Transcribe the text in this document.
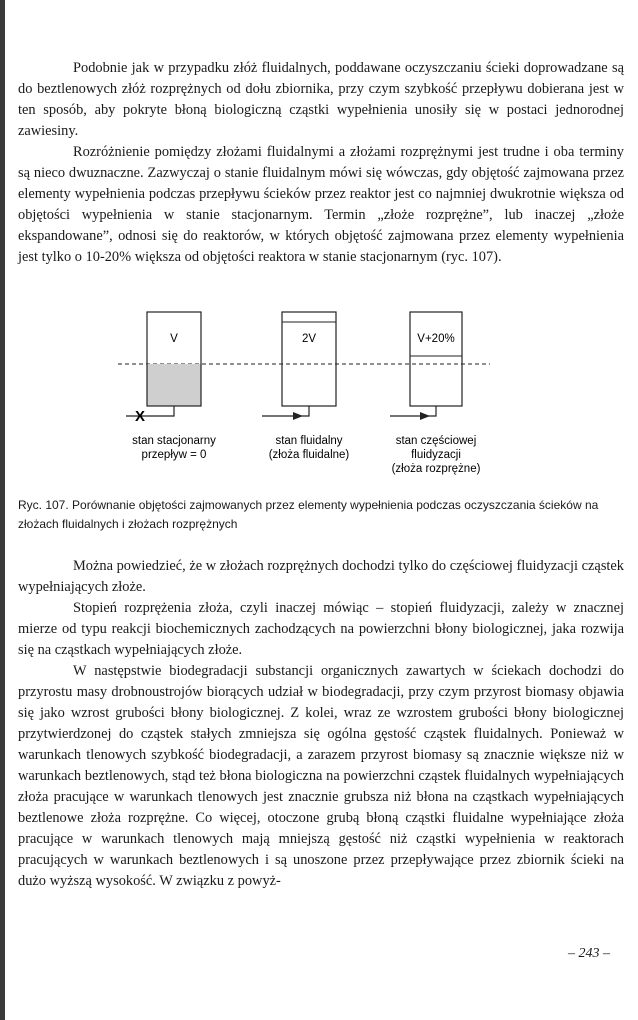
Podobnie jak w przypadku złóż fluidalnych, poddawane oczyszczaniu ścieki doprowadzane są do beztlenowych złóż rozprężnych od dołu zbiornika, przy czym szybkość przepływu dobierana jest w ten sposób, aby pokryte błoną biologiczną cząstki wypełnienia unosiły się w postaci jednorodnej zawiesiny.

Rozróżnienie pomiędzy złożami fluidalnymi a złożami rozprężnymi jest trudne i oba terminy są nieco dwuznaczne. Zazwyczaj o stanie fluidalnym mówi się wówczas, gdy objętość zajmowana przez elementy wypełnienia podczas przepływu ścieków przez reaktor jest co najmniej dwukrotnie większa od objętości wypełnienia w stanie stacjonarnym. Termin „złoże rozprężne”, lub inaczej „złoże ekspandowane”, odnosi się do reaktorów, w których objętość zajmowana przez elementy wypełnienia jest tylko o 10-20% większa od objętości reaktora w stanie stacjonarnym (ryc. 107).

V
X
2V	V+20%
stan stacjonarny
przepływ = 0
stan fluidalny
(złoża fluidalne)
stan częściowej
fluidyzacji
(złoża rozprężne)
Ryc. 107. Porównanie objętości zajmowanych przez elementy wypełnienia podczas oczyszczania ścieków na złożach fluidalnych i złożach rozprężnych

Można powiedzieć, że w złożach rozprężnych dochodzi tylko do częściowej fluidyzacji cząstek wypełniających złoże.

Stopień rozprężenia złoża, czyli inaczej mówiąc – stopień fluidyzacji, zależy w znacznej mierze od typu reakcji biochemicznych zachodzących na powierzchni błony biologicznej, jaka rozwija się na cząstkach wypełniających złoże.

W następstwie biodegradacji substancji organicznych zawartych w ściekach dochodzi do przyrostu masy drobnoustrojów biorących udział w biodegradacji, przy czym przyrost biomasy objawia się jako wzrost grubości błony biologicznej. Z kolei, wraz ze wzrostem grubości błony biologicznej przytwierdzonej do cząstek stałych zmniejsza się ogólna gęstość cząstek fluidalnych. Ponieważ w warunkach tlenowych szybkość biodegradacji, a zarazem przyrost biomasy są znacznie większe niż w warunkach beztlenowych, stąd też błona biologiczna na powierzchni cząstek fluidalnych wypełniających złoża pracujące w warunkach tlenowych jest znacznie grubsza niż błona na cząstkach wypełniających beztlenowe złoża rozprężne. Co więcej, otoczone grubą błoną cząstki fluidalne wypełniające złoża pracujące w warunkach tlenowych mają mniejszą gęstość niż cząstki wypełnienia w reaktorach pracujących w warunkach beztlenowych i są unoszone przez przepływające przez zbiornik ścieki na dużo wyższą wysokość. W związku z powyż-

– 243 –
